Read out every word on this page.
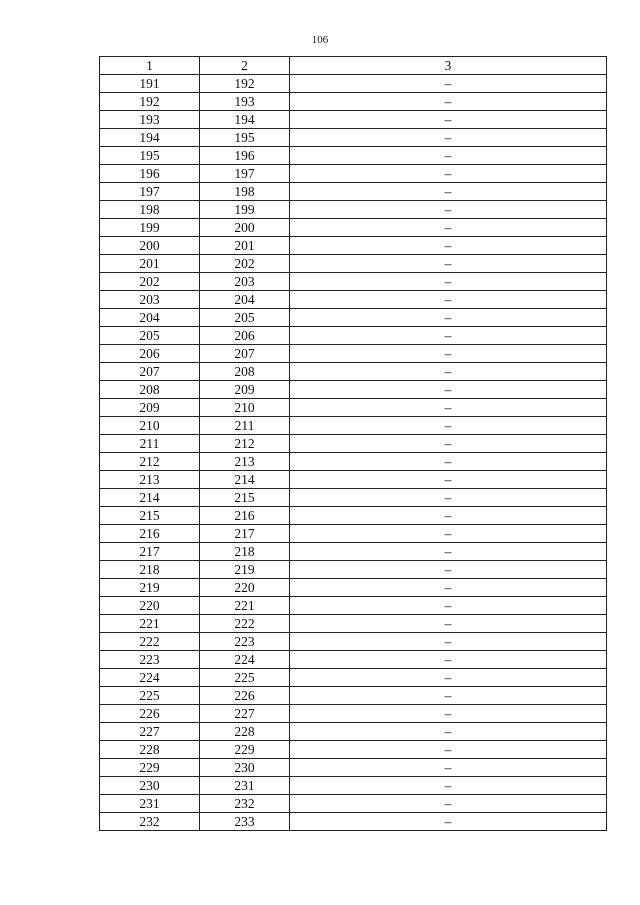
106
1	2	3
191	192	–
192	193	–
193	194	–
194	195	–
195	196	–
196	197	–
197	198	–
198	199	–
199	200	–
200	201	–
201	202	–
202	203	–
203	204	–
204	205	–
205	206	–
206	207	–
207	208	–
208	209	–
209	210	–
210	211	–
211	212	–
212	213	–
213	214	–
214	215	–
215	216	–
216	217	–
217	218	–
218	219	–
219	220	–
220	221	–
221	222	–
222	223	–
223	224	–
224	225	–
225	226	–
226	227	–
227	228	–
228	229	–
229	230	–
230	231	–
231	232	–
232	233	–
